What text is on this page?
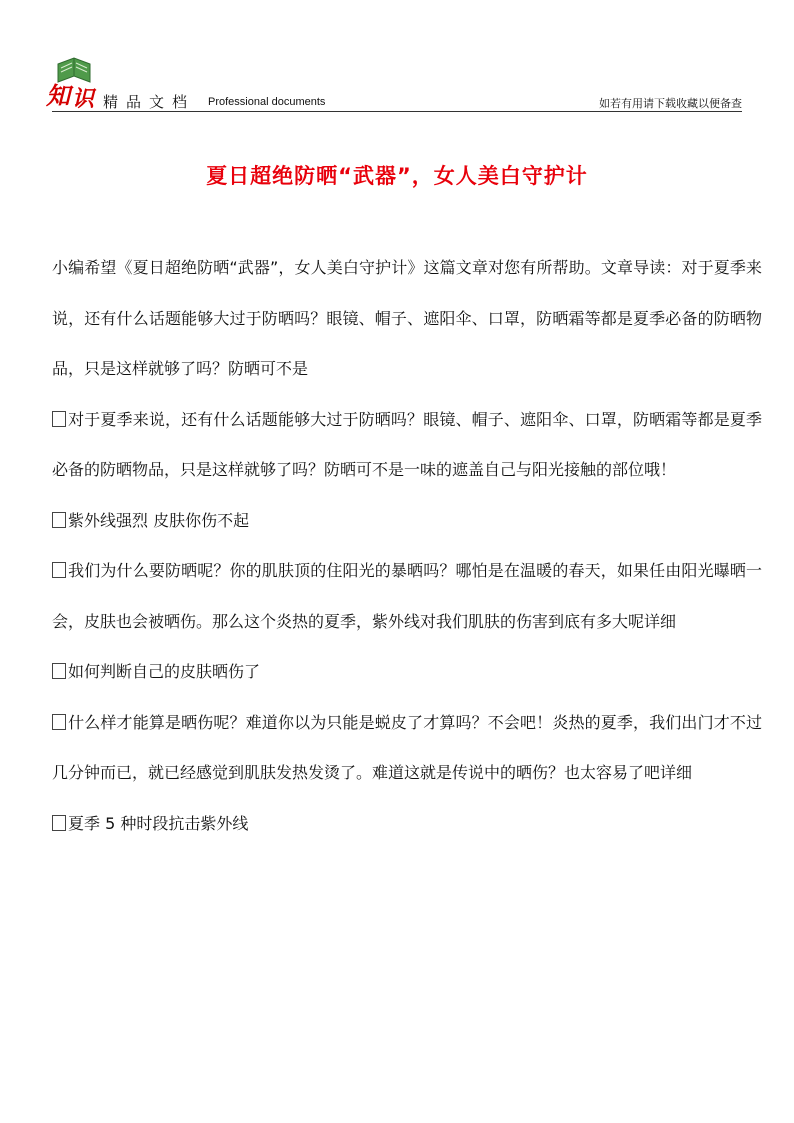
知 识 精品文档 Professional documents	如若有用请下载收藏以便备查
夏日超绝防晒“武器”，女人美白守护计

小编希望《夏日超绝防晒“武器”，女人美白守护计》这篇文章对您有所帮助。文章导读：对于夏季来说，还有什么话题能够大过于防晒吗？眼镜、帽子、遮阳伞、口罩，防晒霜等都是夏季必备的防晒物品，只是这样就够了吗？防晒可不是

对于夏季来说，还有什么话题能够大过于防晒吗？眼镜、帽子、遮阳伞、口罩，防晒霜等都是夏季必备的防晒物品，只是这样就够了吗？防晒可不是一味的遮盖自己与阳光接触的部位哦！

紫外线强烈 皮肤你伤不起

我们为什么要防晒呢？你的肌肤顶的住阳光的暴晒吗？哪怕是在温暖的春天，如果任由阳光曝晒一会，皮肤也会被晒伤。那么这个炎热的夏季，紫外线对我们肌肤的伤害到底有多大呢详细

如何判断自己的皮肤晒伤了

什么样才能算是晒伤呢？难道你以为只能是蜕皮了才算吗？不会吧！炎热的夏季，我们出门才不过几分钟而已，就已经感觉到肌肤发热发烫了。难道这就是传说中的晒伤？也太容易了吧详细

夏季 5 种时段抗击紫外线
